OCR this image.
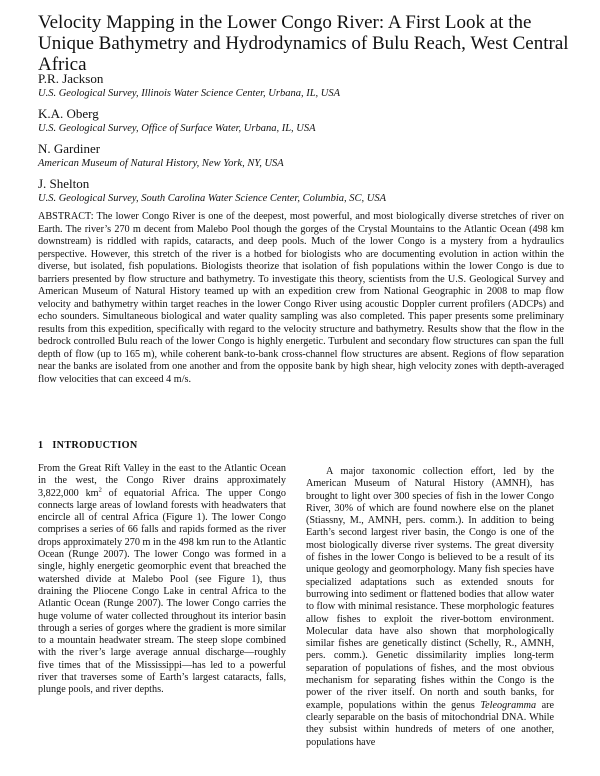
Velocity Mapping in the Lower Congo River: A First Look at the Unique Bathymetry and Hydrodynamics of Bulu Reach, West Central Africa
P.R. Jackson
U.S. Geological Survey, Illinois Water Science Center, Urbana, IL, USA
K.A. Oberg
U.S. Geological Survey, Office of Surface Water, Urbana, IL, USA
N. Gardiner
American Museum of Natural History, New York, NY, USA
J. Shelton
U.S. Geological Survey, South Carolina Water Science Center, Columbia, SC, USA

ABSTRACT: The lower Congo River is one of the deepest, most powerful, and most biologically diverse stretches of river on Earth. The river’s 270 m decent from Malebo Pool though the gorges of the Crystal Mountains to the Atlantic Ocean (498 km downstream) is riddled with rapids, cataracts, and deep pools. Much of the lower Congo is a mystery from a hydraulics perspective. However, this stretch of the river is a hotbed for biologists who are documenting evolution in action within the diverse, but isolated, fish populations. Biologists theorize that isolation of fish populations within the lower Congo is due to barriers presented by flow structure and bathymetry. To investigate this theory, scientists from the U.S. Geological Survey and American Museum of Natural History teamed up with an expedition crew from National Geographic in 2008 to map flow velocity and bathymetry within target reaches in the lower Congo River using acoustic Doppler current profilers (ADCPs) and echo sounders. Simultaneous biological and water quality sampling was also completed. This paper presents some preliminary results from this expedition, specifically with regard to the velocity structure and bathymetry. Results show that the flow in the bedrock controlled Bulu reach of the lower Congo is highly energetic. Turbulent and secondary flow structures can span the full depth of flow (up to 165 m), while coherent bank-to-bank cross-channel flow structures are absent. Regions of flow separation near the banks are isolated from one another and from the opposite bank by high shear, high velocity zones with depth-averaged flow velocities that can exceed 4 m/s.

1 INTRODUCTION

From the Great Rift Valley in the east to the Atlantic Ocean in the west, the Congo River drains approximately 3,822,000 $km^2$ of equatorial Africa. The upper Congo connects large areas of lowland forests with headwaters that encircle all of central Africa (Figure 1). The lower Congo comprises a series of 66 falls and rapids formed as the river drops approximately 270 m in the 498 km run to the Atlantic Ocean (Runge 2007). The lower Congo was formed in a single, highly energetic geomorphic event that breached the watershed divide at Malebo Pool (see Figure 1), thus draining the Pliocene Congo Lake in central Africa to the Atlantic Ocean (Runge 2007). The lower Congo carries the huge volume of water collected throughout its interior basin through a series of gorges where the gradient is more similar to a mountain headwater stream. The steep slope combined with the river’s large average annual discharge—roughly five times that of the Mississippi—has led to a powerful river that traverses some of Earth’s largest cataracts, falls, plunge pools, and river depths.

A major taxonomic collection effort, led by the American Museum of Natural History (AMNH), has brought to light over 300 species of fish in the lower Congo River, 30% of which are found nowhere else on the planet (Stiassny, M., AMNH, pers. comm.). In addition to being Earth’s second largest river basin, the Congo is one of the most biologically diverse river systems. The great diversity of fishes in the lower Congo is believed to be a result of its unique geology and geomorphology. Many fish species have specialized adaptations such as extended snouts for burrowing into sediment or flattened bodies that allow water to flow with minimal resistance. These morphologic features allow fishes to exploit the river-bottom environment. Molecular data have also shown that morphologically similar fishes are genetically distinct (Schelly, R., AMNH, pers. comm.). Genetic dissimilarity implies long-term separation of populations of fishes, and the most obvious mechanism for separating fishes within the Congo is the power of the river itself. On north and south banks, for example, populations within the genus Teleogramma are clearly separable on the basis of mitochondrial DNA. While they subsist within hundreds of meters of one another, populations have
